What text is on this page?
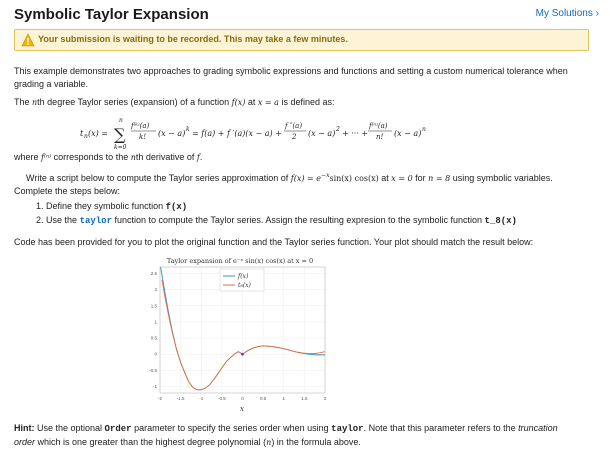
Symbolic Taylor Expansion	My Solutions ›
Your submission is waiting to be recorded. This may take a few minutes.
This example demonstrates two approaches to grading symbolic expressions and functions and setting a custom numerical tolerance when
grading a variable.
The nth degree Taylor series (expansion) of a function f(x) at x = a is defined as:
t n (x) =
n
∑
k=0
f⁽ᵏ⁾(a)
k! (x − a) k = f(a) + f ′(a)(x − a) +
f ″(a)
2 (x − a) 2 + ··· +
f⁽ⁿ⁾(a)
n! (x − a) n
where f⁽ⁿ⁾ corresponds to the nth derivative of f.
Write a script below to compute the Taylor series approximation of $f(x) = e^{-x}\sin(x)$ cos(x) at x = 0 for n = 8 using symbolic variables.
Complete the steps below:
1. Define they symbolic function f(x)
2. Use the taylor function to compute the Taylor series. Assign the resulting expresion to the symbolic function t_8(x)
Code has been provided for you to plot the original function and the Taylor series function. Your plot should match the result below:
Taylor expansion of e⁻ˣ sin(x) cos(x) at x = 0
-2	-1.5	-1	-0.5	0	0.5	1	1.5	2
2.5
2
1.5
1
0.5
0
-0.5
-1
f(x)
t₈(x)
x
Hint: Use the optional Order parameter to specify the series order when using taylor. Note that this parameter refers to the truncation
order which is one greater than the highest degree polynomial (n) in the formula above.
